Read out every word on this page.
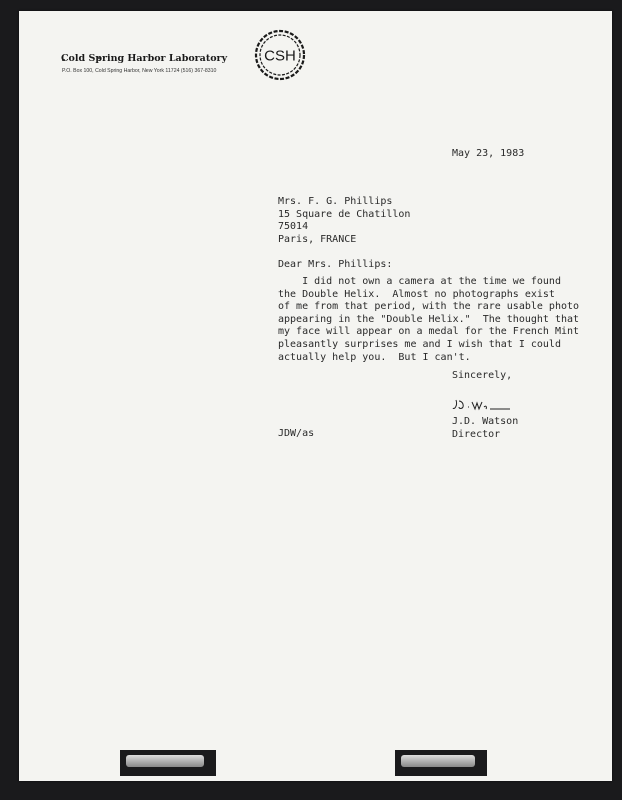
CSH
Cold Spring Harbor Laboratory
P.O. Box 100, Cold Spring Harbor, New York 11724 (516) 367-8310
May 23, 1983
Mrs. F. G. Phillips
15 Square de Chatillon
75014
Paris, FRANCE
Dear Mrs. Phillips:
I did not own a camera at the time we found
the Double Helix.  Almost no photographs exist
of me from that period, with the rare usable photo
appearing in the "Double Helix."  The thought that
my face will appear on a medal for the French Mint
pleasantly surprises me and I wish that I could
actually help you.  But I can't.
Sincerely,
J.D. Watson
Director
JDW/as
